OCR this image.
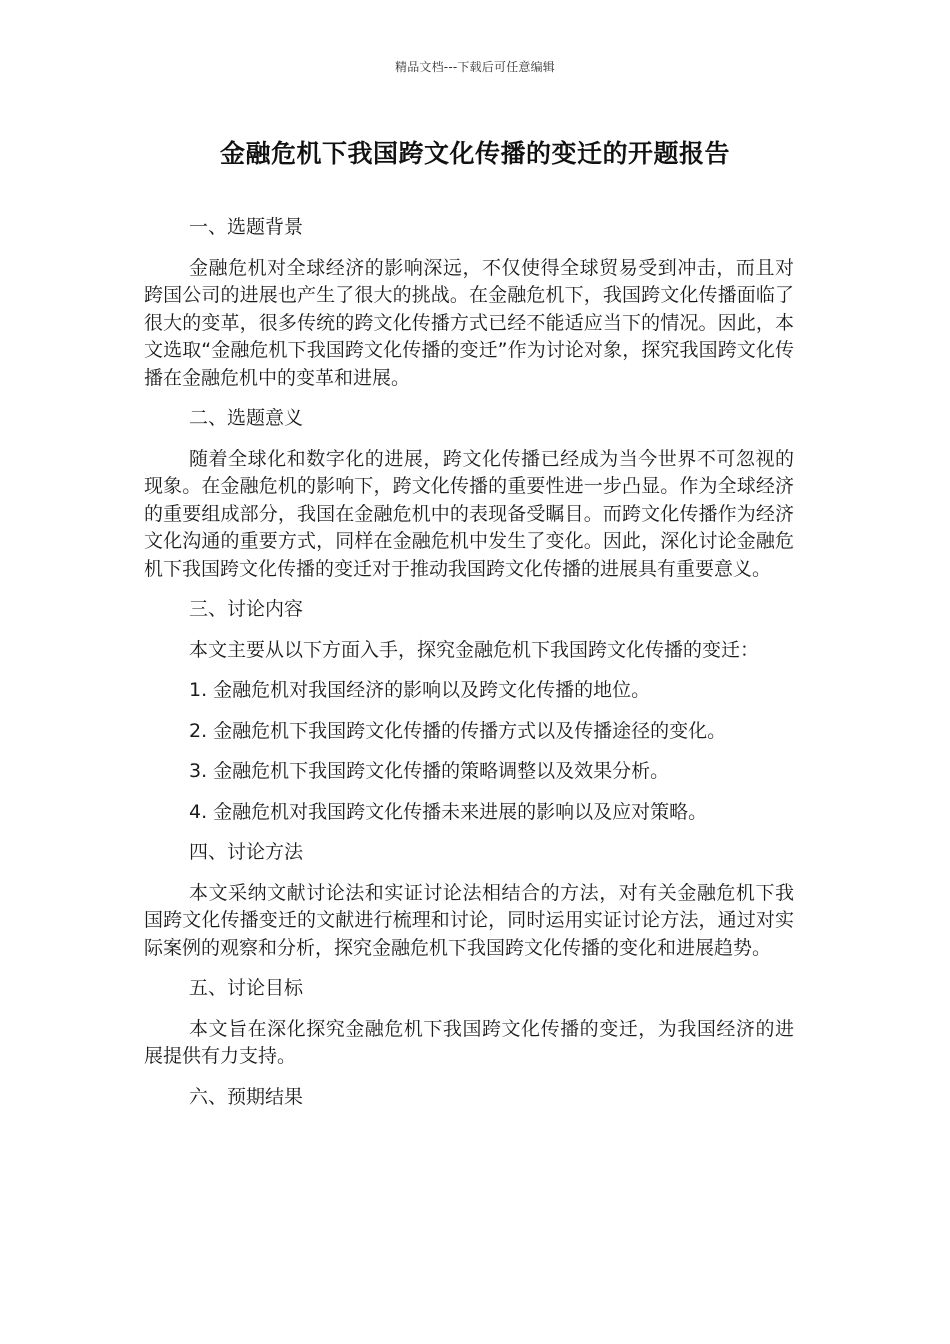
精品文档---下载后可任意编辑
金融危机下我国跨文化传播的变迁的开题报告
一、选题背景
金融危机对全球经济的影响深远，不仅使得全球贸易受到冲击，而且对跨国公司的进展也产生了很大的挑战。在金融危机下，我国跨文化传播面临了很大的变革，很多传统的跨文化传播方式已经不能适应当下的情况。因此，本文选取“金融危机下我国跨文化传播的变迁”作为讨论对象，探究我国跨文化传播在金融危机中的变革和进展。
二、选题意义
随着全球化和数字化的进展，跨文化传播已经成为当今世界不可忽视的现象。在金融危机的影响下，跨文化传播的重要性进一步凸显。作为全球经济的重要组成部分，我国在金融危机中的表现备受瞩目。而跨文化传播作为经济文化沟通的重要方式，同样在金融危机中发生了变化。因此，深化讨论金融危机下我国跨文化传播的变迁对于推动我国跨文化传播的进展具有重要意义。
三、讨论内容
本文主要从以下方面入手，探究金融危机下我国跨文化传播的变迁：
1. 金融危机对我国经济的影响以及跨文化传播的地位。
2. 金融危机下我国跨文化传播的传播方式以及传播途径的变化。
3. 金融危机下我国跨文化传播的策略调整以及效果分析。
4. 金融危机对我国跨文化传播未来进展的影响以及应对策略。
四、讨论方法
本文采纳文献讨论法和实证讨论法相结合的方法，对有关金融危机下我国跨文化传播变迁的文献进行梳理和讨论，同时运用实证讨论方法，通过对实际案例的观察和分析，探究金融危机下我国跨文化传播的变化和进展趋势。
五、讨论目标
本文旨在深化探究金融危机下我国跨文化传播的变迁，为我国经济的进展提供有力支持。
六、预期结果
